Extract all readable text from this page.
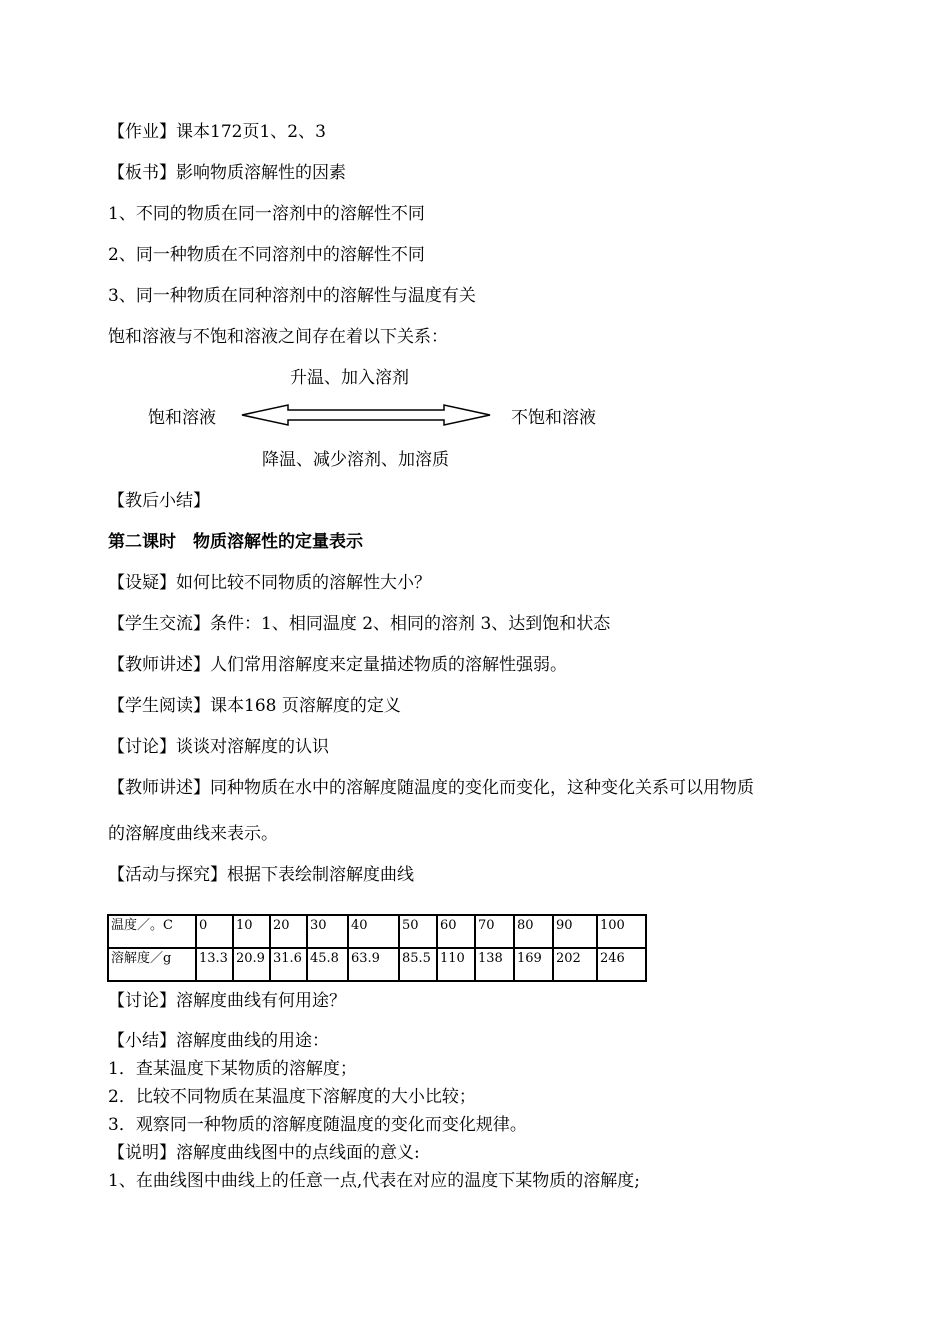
【作业】课本172页1、2、3
【板书】影响物质溶解性的因素
1、不同的物质在同一溶剂中的溶解性不同
2、同一种物质在不同溶剂中的溶解性不同
3、同一种物质在同种溶剂中的溶解性与温度有关
饱和溶液与不饱和溶液之间存在着以下关系：
升温、加入溶剂
饱和溶液	不饱和溶液
降温、减少溶剂、加溶质
【教后小结】
第二课时　物质溶解性的定量表示
【设疑】如何比较不同物质的溶解性大小？
【学生交流】条件：1、相同温度 2、相同的溶剂 3、达到饱和状态
【教师讲述】人们常用溶解度来定量描述物质的溶解性强弱。
【学生阅读】课本168 页溶解度的定义
【讨论】谈谈对溶解度的认识
【教师讲述】同种物质在水中的溶解度随温度的变化而变化，这种变化关系可以用物质
的溶解度曲线来表示。
【活动与探究】根据下表绘制溶解度曲线
温度／。C	0	10	20	30	40	50	60	70	80	90	100
溶解度／g	13.3	20.9	31.6	45.8	63.9	85.5	110	138	169	202	246
【讨论】溶解度曲线有何用途？
【小结】溶解度曲线的用途：
1．查某温度下某物质的溶解度；
2．比较不同物质在某温度下溶解度的大小比较；
3．观察同一种物质的溶解度随温度的变化而变化规律。
【说明】溶解度曲线图中的点线面的意义:
1、在曲线图中曲线上的任意一点,代表在对应的温度下某物质的溶解度;
